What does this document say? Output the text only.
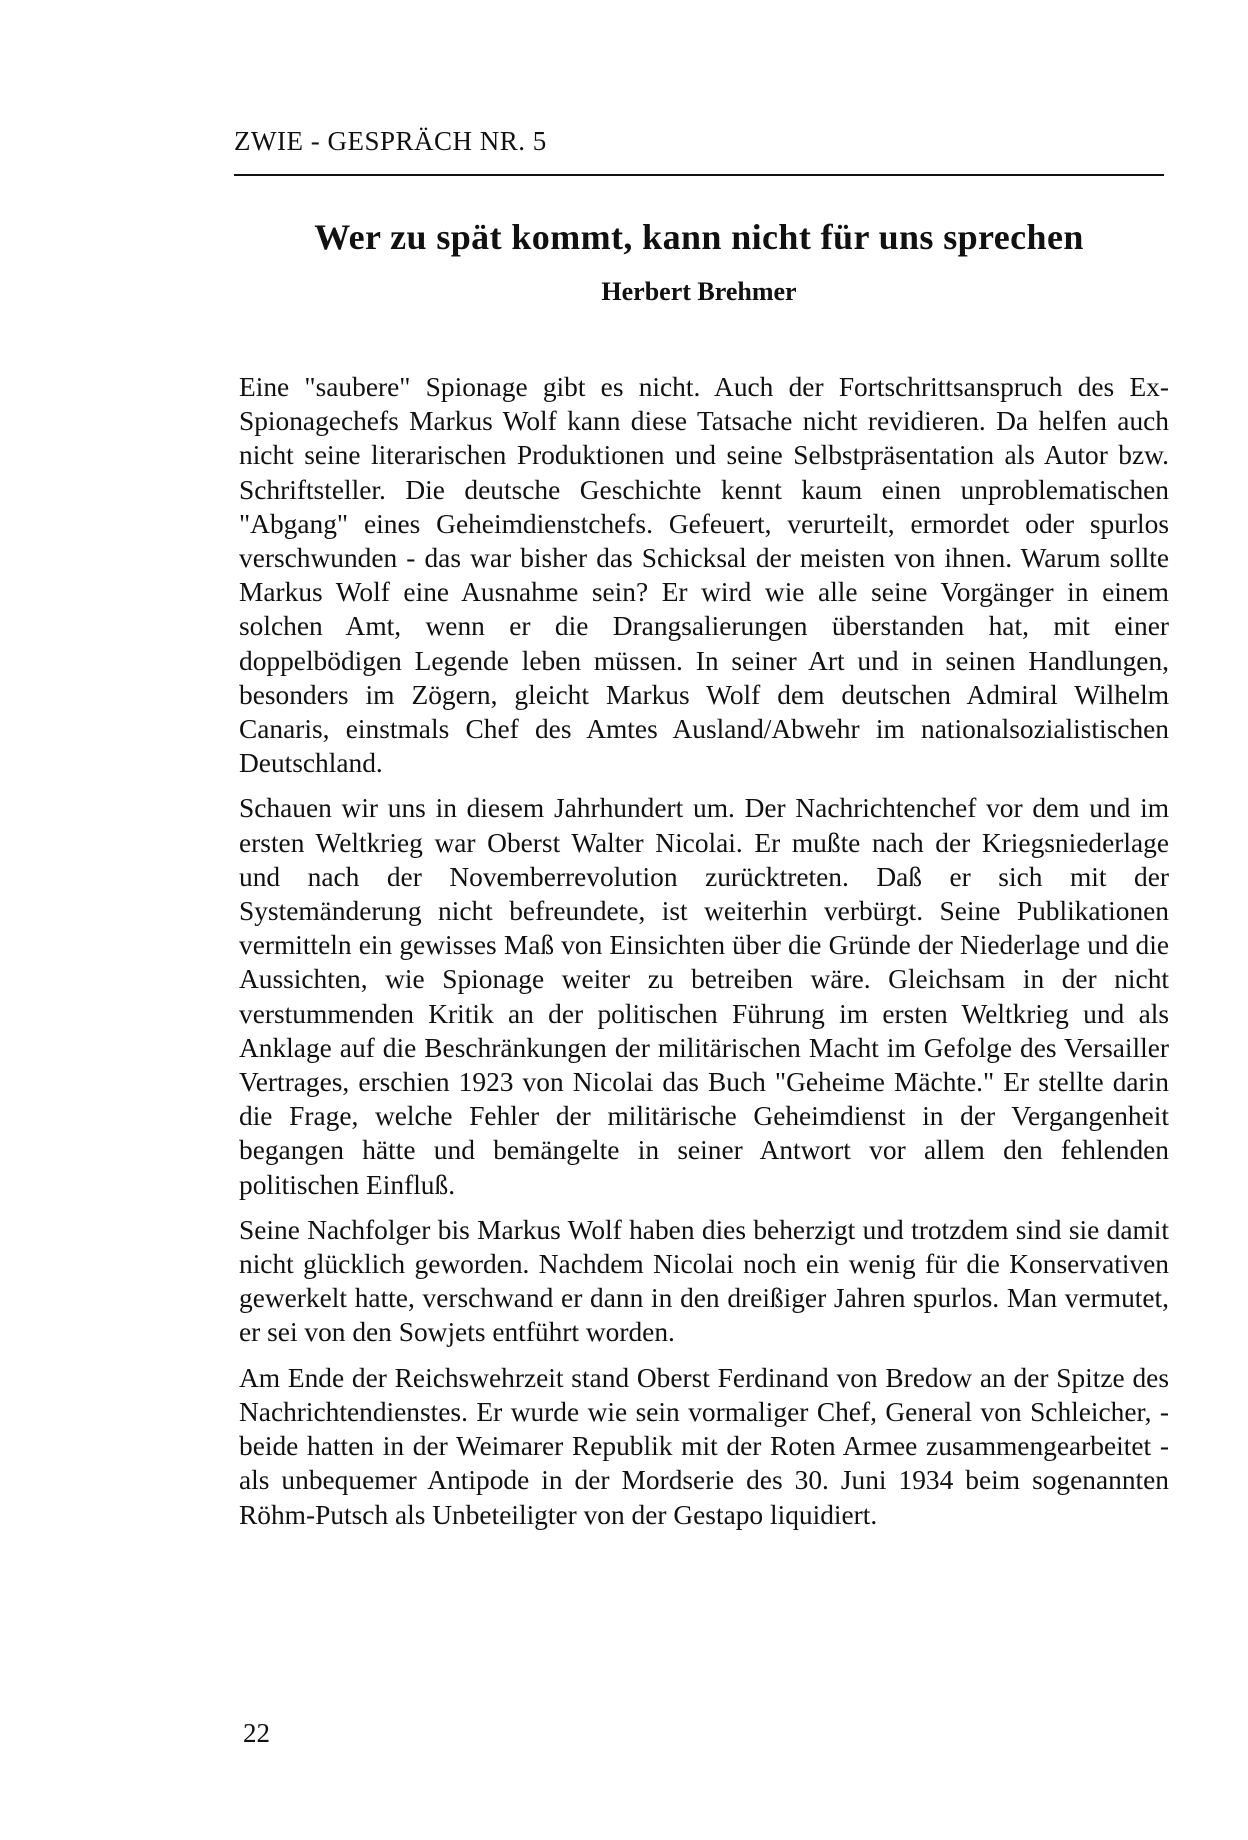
ZWIE - GESPRÄCH NR. 5
Wer zu spät kommt, kann nicht für uns sprechen
Herbert Brehmer

Eine "saubere" Spionage gibt es nicht. Auch der Fortschrittsanspruch des Ex-Spionagechefs Markus Wolf kann diese Tatsache nicht revidieren. Da helfen auch nicht seine literarischen Produktionen und seine Selbstpräsentation als Autor bzw. Schriftsteller. Die deutsche Geschichte kennt kaum einen unproblematischen "Abgang" eines Geheimdienstchefs. Gefeuert, verurteilt, ermordet oder spurlos verschwunden - das war bisher das Schicksal der meisten von ihnen. Warum sollte Markus Wolf eine Ausnahme sein? Er wird wie alle seine Vorgänger in einem solchen Amt, wenn er die Drangsalierungen überstanden hat, mit einer doppelbödigen Legende leben müssen. In seiner Art und in seinen Handlungen, besonders im Zögern, gleicht Markus Wolf dem deutschen Admiral Wilhelm Canaris, einstmals Chef des Amtes Ausland/Abwehr im nationalsozialistischen Deutschland.

Schauen wir uns in diesem Jahrhundert um. Der Nachrichtenchef vor dem und im ersten Weltkrieg war Oberst Walter Nicolai. Er mußte nach der Kriegsniederlage und nach der Novemberrevolution zurücktreten. Daß er sich mit der Systemänderung nicht befreundete, ist weiterhin verbürgt. Seine Publikationen vermitteln ein gewisses Maß von Einsichten über die Gründe der Niederlage und die Aussichten, wie Spionage weiter zu betreiben wäre. Gleichsam in der nicht verstummenden Kritik an der politischen Führung im ersten Weltkrieg und als Anklage auf die Beschränkungen der militärischen Macht im Gefolge des Versailler Vertrages, erschien 1923 von Nicolai das Buch "Geheime Mächte." Er stellte darin die Frage, welche Fehler der militärische Geheimdienst in der Vergangenheit begangen hätte und bemängelte in seiner Antwort vor allem den fehlenden politischen Einfluß.

Seine Nachfolger bis Markus Wolf haben dies beherzigt und trotzdem sind sie damit nicht glücklich geworden. Nachdem Nicolai noch ein wenig für die Konservativen gewerkelt hatte, verschwand er dann in den dreißiger Jahren spurlos. Man vermutet, er sei von den Sowjets entführt worden.

Am Ende der Reichswehrzeit stand Oberst Ferdinand von Bredow an der Spitze des Nachrichtendienstes. Er wurde wie sein vormaliger Chef, General von Schleicher, - beide hatten in der Weimarer Republik mit der Roten Armee zusammengearbeitet - als unbequemer Antipode in der Mordserie des 30. Juni 1934 beim sogenannten Röhm-Putsch als Unbeteiligter von der Gestapo liquidiert.

22
